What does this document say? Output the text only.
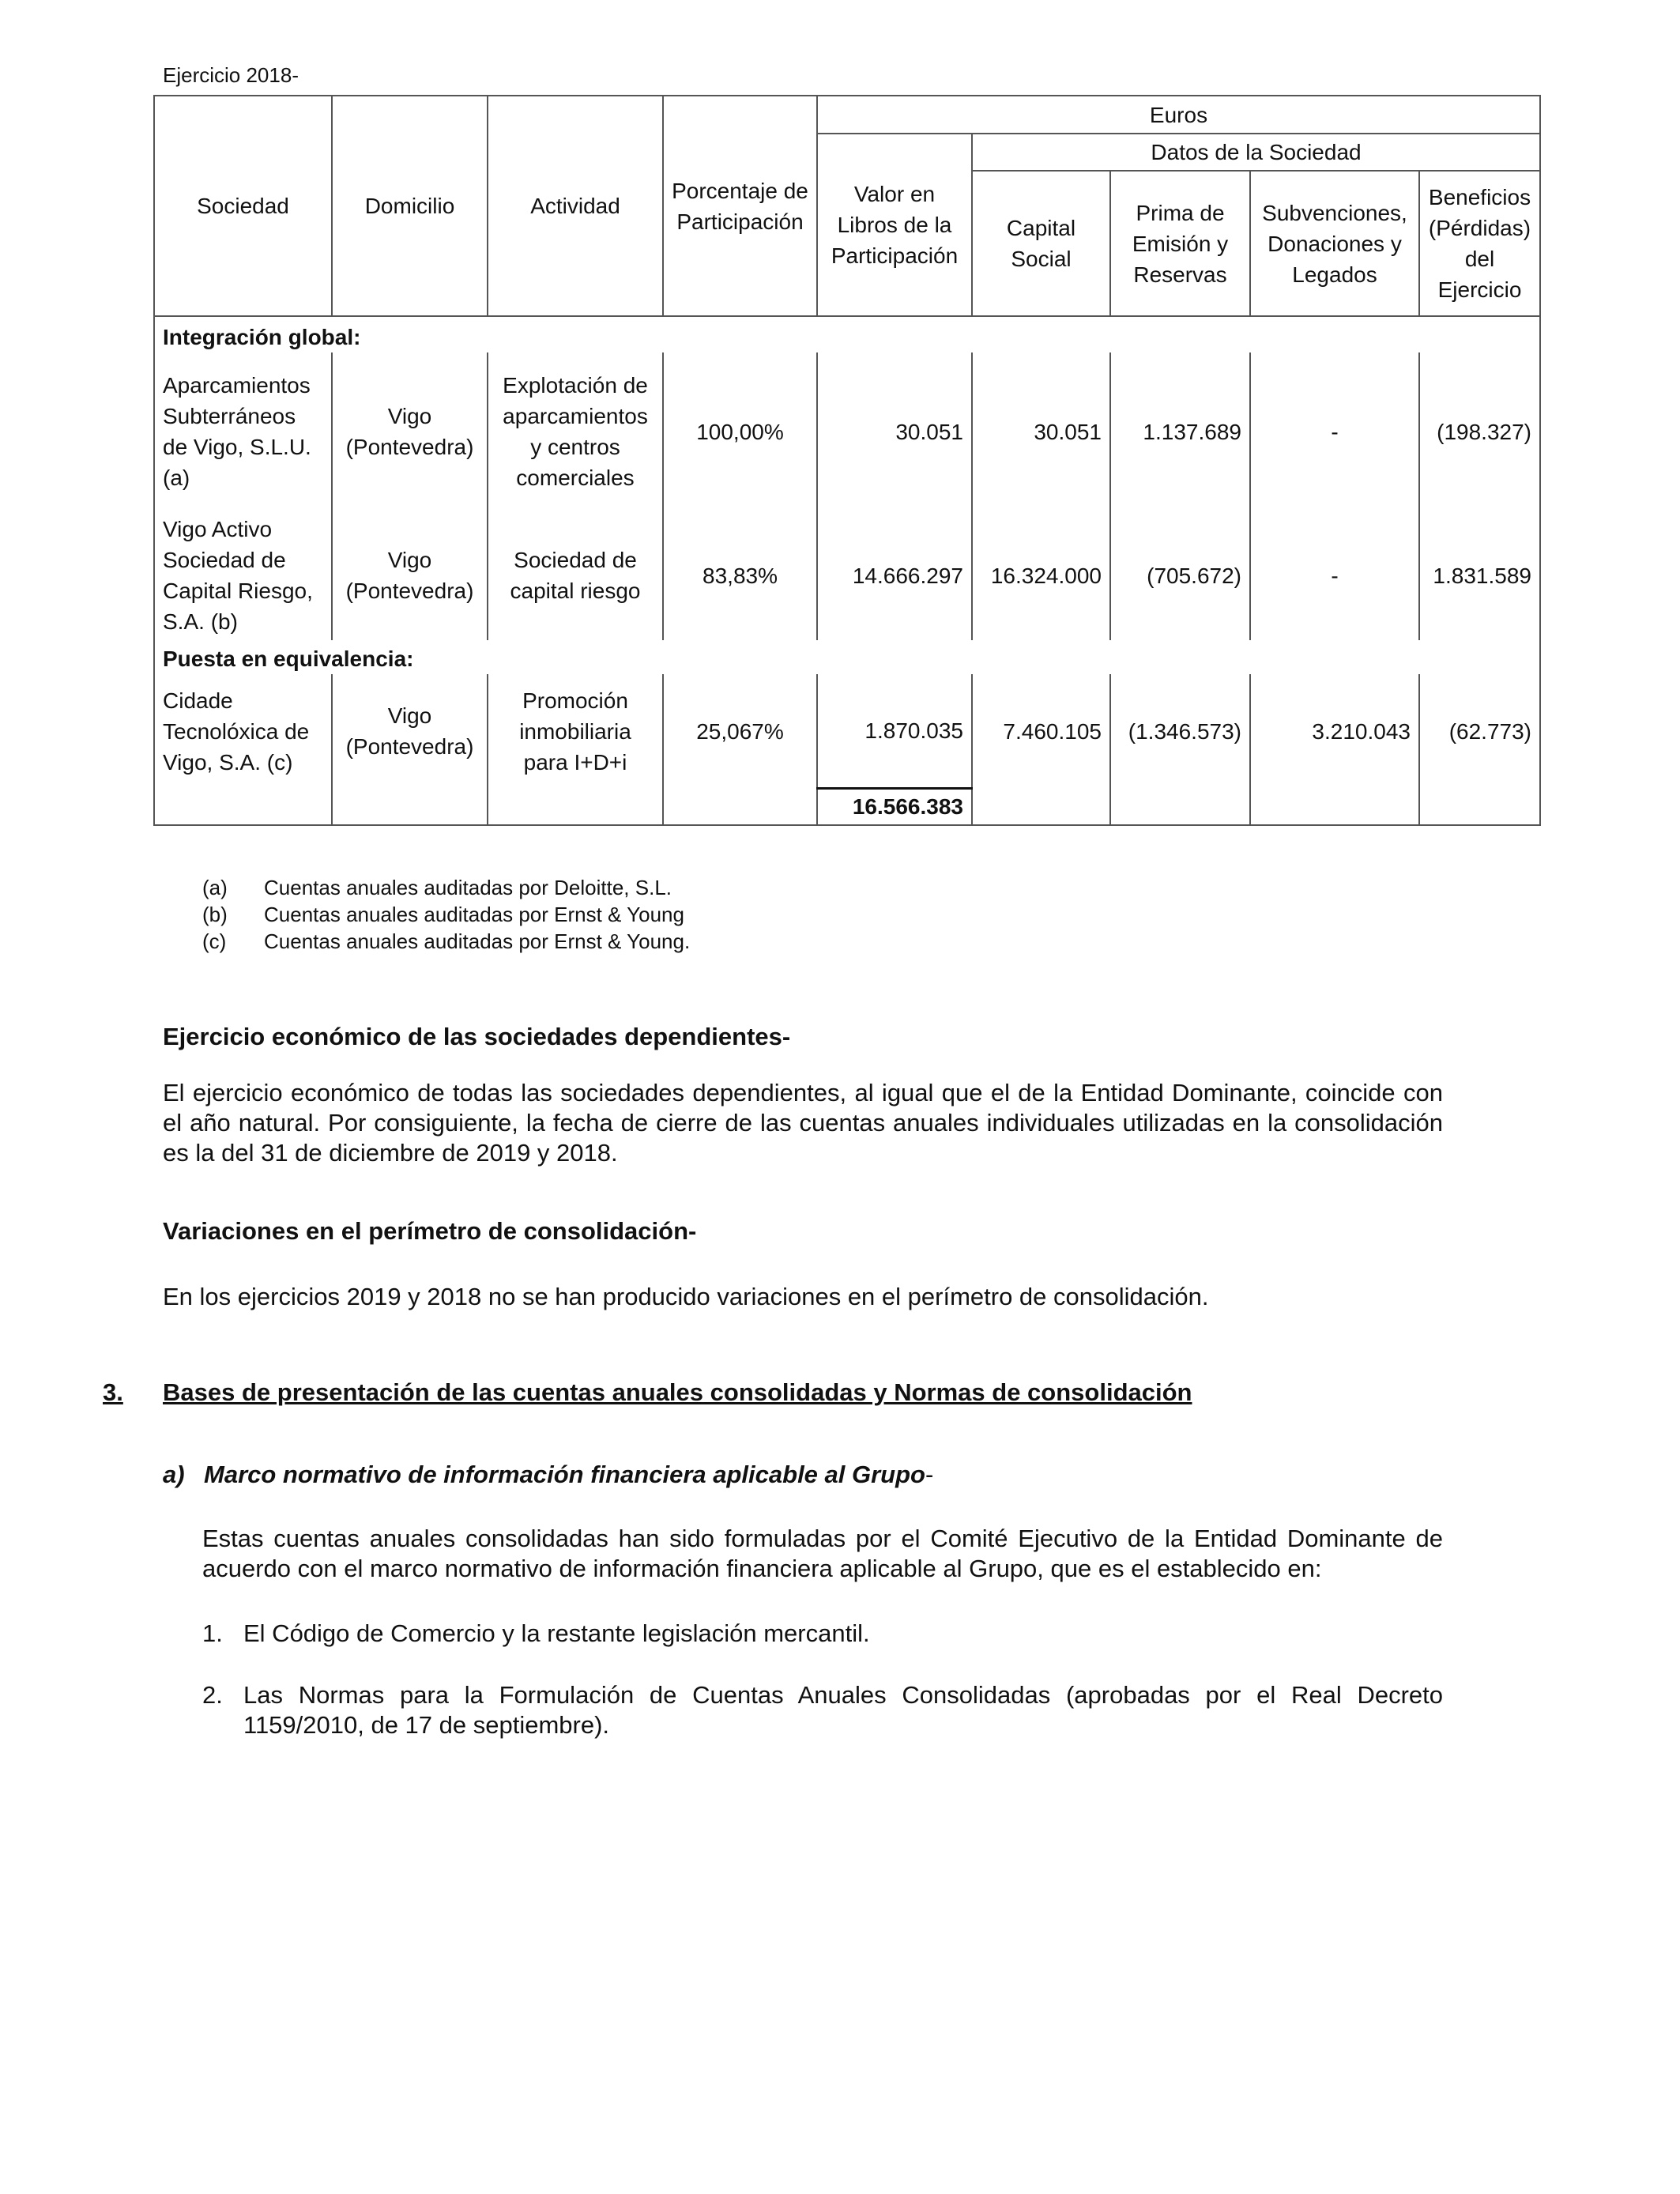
Ejercicio 2018-
Sociedad	Domicilio	Actividad	Porcentaje de Participación	Euros				
				Valor en Libros de la Participación	Datos de la Sociedad			
					Capital Social	Prima de Emisión y Reservas	Subvenciones, Donaciones y Legados	Beneficios (Pérdidas) del Ejercicio
Integración global:								
Aparcamientos Subterráneos de Vigo, S.L.U. (a)	Vigo (Pontevedra)	Explotación de aparcamientos y centros comerciales	100,00%	30.051	30.051	1.137.689	-	(198.327)
Vigo Activo Sociedad de Capital Riesgo, S.A. (b)	Vigo (Pontevedra)	Sociedad de capital riesgo	83,83%	14.666.297	16.324.000	(705.672)	-	1.831.589
Puesta en equivalencia:								
Cidade Tecnolóxica de Vigo, S.A. (c)	Vigo (Pontevedra)	Promoción inmobiliaria para I+D+i	25,067%	1.870.035	7.460.105	(1.346.573)	3.210.043	(62.773)
				16.566.383				
(a)	Cuentas anuales auditadas por Deloitte, S.L.
(b)	Cuentas anuales auditadas por Ernst & Young
(c)	Cuentas anuales auditadas por Ernst & Young.
Ejercicio económico de las sociedades dependientes-
El ejercicio económico de todas las sociedades dependientes, al igual que el de la Entidad Dominante, coincide con el año natural. Por consiguiente, la fecha de cierre de las cuentas anuales individuales utilizadas en la consolidación es la del 31 de diciembre de 2019 y 2018.
Variaciones en el perímetro de consolidación-
En los ejercicios 2019 y 2018 no se han producido variaciones en el perímetro de consolidación.
3.	Bases de presentación de las cuentas anuales consolidadas y Normas de consolidación
a) Marco normativo de información financiera aplicable al Grupo -
Estas cuentas anuales consolidadas han sido formuladas por el Comité Ejecutivo de la Entidad Dominante de acuerdo con el marco normativo de información financiera aplicable al Grupo, que es el establecido en:
1. El Código de Comercio y la restante legislación mercantil.
2. Las Normas para la Formulación de Cuentas Anuales Consolidadas (aprobadas por el Real Decreto 1159/2010, de 17 de septiembre).
